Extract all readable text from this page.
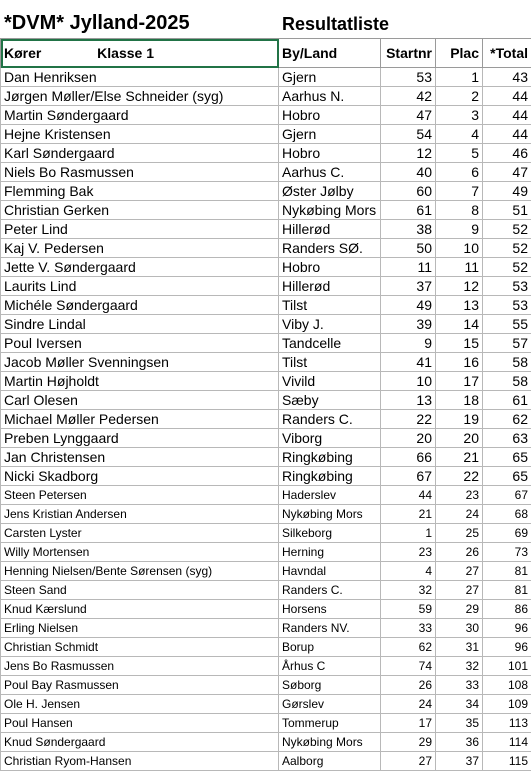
*DVM* Jylland-2025	Resultatliste
Kører Klasse 1	By/Land	Startnr	Plac	*Total
Dan Henriksen	Gjern	53	1	43
Jørgen Møller/Else Schneider (syg)	Aarhus N.	42	2	44
Martin Søndergaard	Hobro	47	3	44
Hejne Kristensen	Gjern	54	4	44
Karl Søndergaard	Hobro	12	5	46
Niels Bo Rasmussen	Aarhus C.	40	6	47
Flemming Bak	Øster Jølby	60	7	49
Christian Gerken	Nykøbing Mors	61	8	51
Peter Lind	Hillerød	38	9	52
Kaj V. Pedersen	Randers SØ.	50	10	52
Jette V. Søndergaard	Hobro	11	11	52
Laurits Lind	Hillerød	37	12	53
Michéle Søndergaard	Tilst	49	13	53
Sindre Lindal	Viby J.	39	14	55
Poul Iversen	Tandcelle	9	15	57
Jacob Møller Svenningsen	Tilst	41	16	58
Martin Højholdt	Vivild	10	17	58
Carl Olesen	Sæby	13	18	61
Michael Møller Pedersen	Randers C.	22	19	62
Preben Lynggaard	Viborg	20	20	63
Jan Christensen	Ringkøbing	66	21	65
Nicki Skadborg	Ringkøbing	67	22	65
Steen Petersen	Haderslev	44	23	67
Jens Kristian Andersen	Nykøbing Mors	21	24	68
Carsten Lyster	Silkeborg	1	25	69
Willy Mortensen	Herning	23	26	73
Henning Nielsen/Bente Sørensen (syg)	Havndal	4	27	81
Steen Sand	Randers C.	32	27	81
Knud Kærslund	Horsens	59	29	86
Erling Nielsen	Randers NV.	33	30	96
Christian Schmidt	Borup	62	31	96
Jens Bo Rasmussen	Århus C	74	32	101
Poul Bay Rasmussen	Søborg	26	33	108
Ole H. Jensen	Gørslev	24	34	109
Poul Hansen	Tommerup	17	35	113
Knud Søndergaard	Nykøbing Mors	29	36	114
Christian Ryom-Hansen	Aalborg	27	37	115
